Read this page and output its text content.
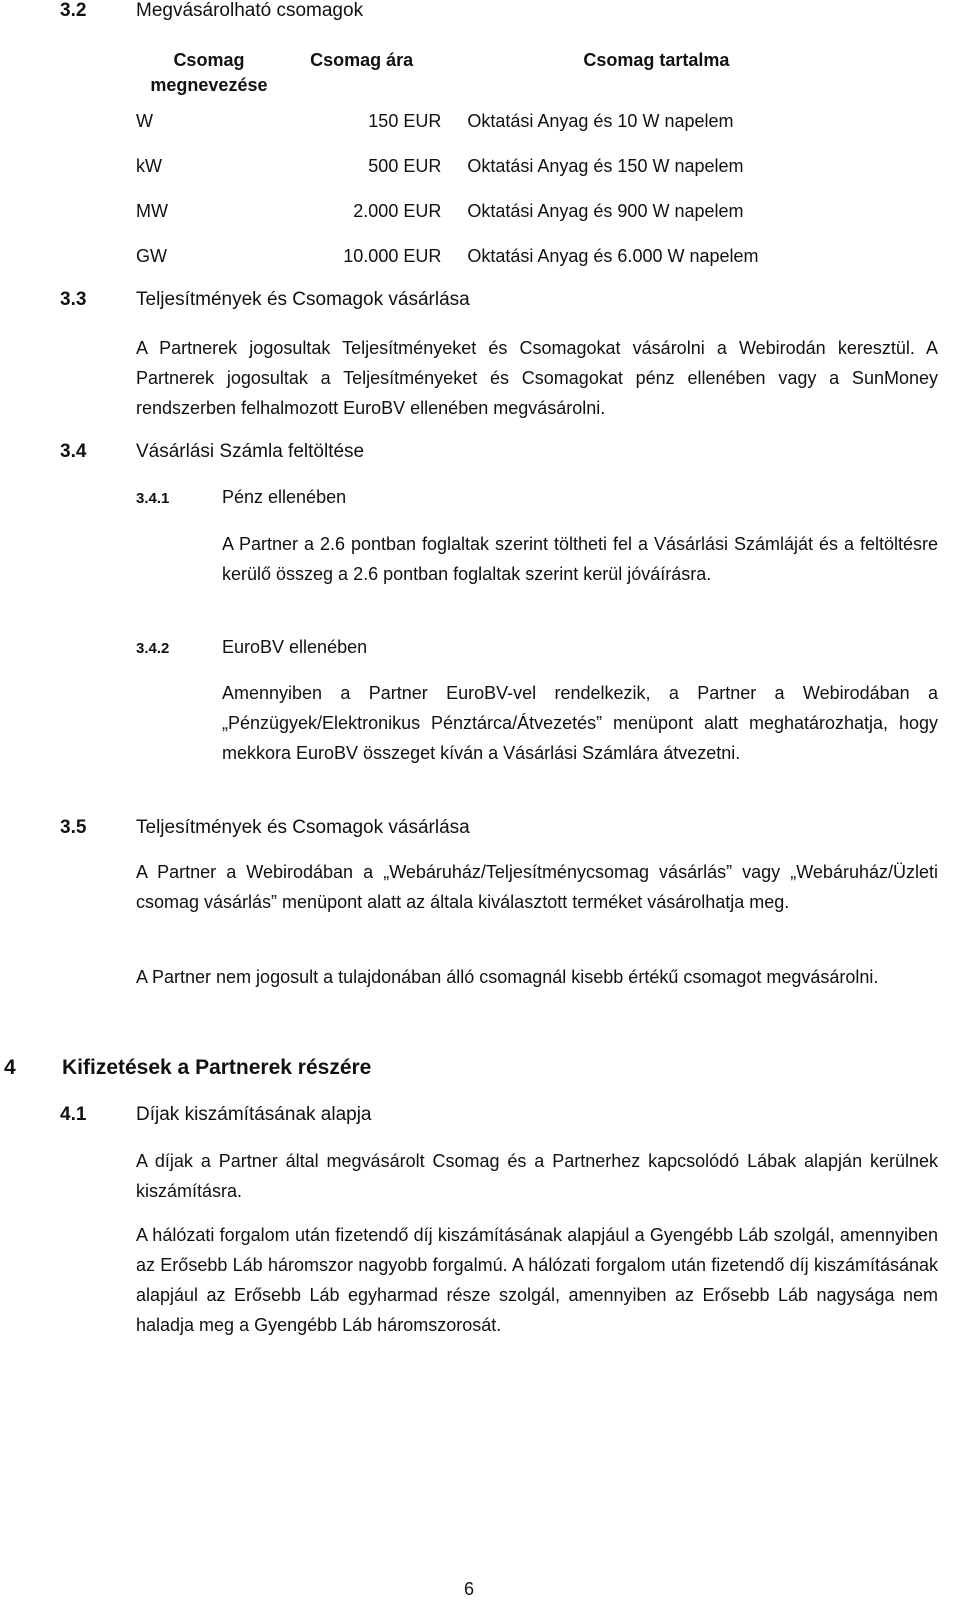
3.2	Megvásárolható csomagok
Csomag megnevezése	Csomag ára	Csomag tartalma
W	150 EUR	Oktatási Anyag és 10 W napelem
kW	500 EUR	Oktatási Anyag és 150 W napelem
MW	2.000 EUR	Oktatási Anyag és 900 W napelem
GW	10.000 EUR	Oktatási Anyag és 6.000 W napelem
3.3	Teljesítmények és Csomagok vásárlása

A Partnerek jogosultak Teljesítményeket és Csomagokat vásárolni a Webirodán keresztül. A Partnerek jogosultak a Teljesítményeket és Csomagokat pénz ellenében vagy a SunMoney rendszerben felhalmozott EuroBV ellenében megvásárolni.

3.4	Vásárlási Számla feltöltése
3.4.1	Pénz ellenében

A Partner a 2.6 pontban foglaltak szerint töltheti fel a Vásárlási Számláját és a feltöltésre kerülő összeg a 2.6 pontban foglaltak szerint kerül jóváírásra.

3.4.2	EuroBV ellenében

Amennyiben a Partner EuroBV-vel rendelkezik, a Partner a Webirodában a „Pénzügyek/Elektronikus Pénztárca/Átvezetés” menüpont alatt meghatározhatja, hogy mekkora EuroBV összeget kíván a Vásárlási Számlára átvezetni.

3.5	Teljesítmények és Csomagok vásárlása

A Partner a Webirodában a „Webáruház/Teljesítménycsomag vásárlás” vagy „Webáruház/Üzleti csomag vásárlás” menüpont alatt az általa kiválasztott terméket vásárolhatja meg.

A Partner nem jogosult a tulajdonában álló csomagnál kisebb értékű csomagot megvásárolni.

4 Kifizetések a Partnerek részére
4.1	Díjak kiszámításának alapja

A díjak a Partner által megvásárolt Csomag és a Partnerhez kapcsolódó Lábak alapján kerülnek kiszámításra.

A hálózati forgalom után fizetendő díj kiszámításának alapjául a Gyengébb Láb szolgál, amennyiben az Erősebb Láb háromszor nagyobb forgalmú. A hálózati forgalom után fizetendő díj kiszámításának alapjául az Erősebb Láb egyharmad része szolgál, amennyiben az Erősebb Láb nagysága nem haladja meg a Gyengébb Láb háromszorosát.

6
